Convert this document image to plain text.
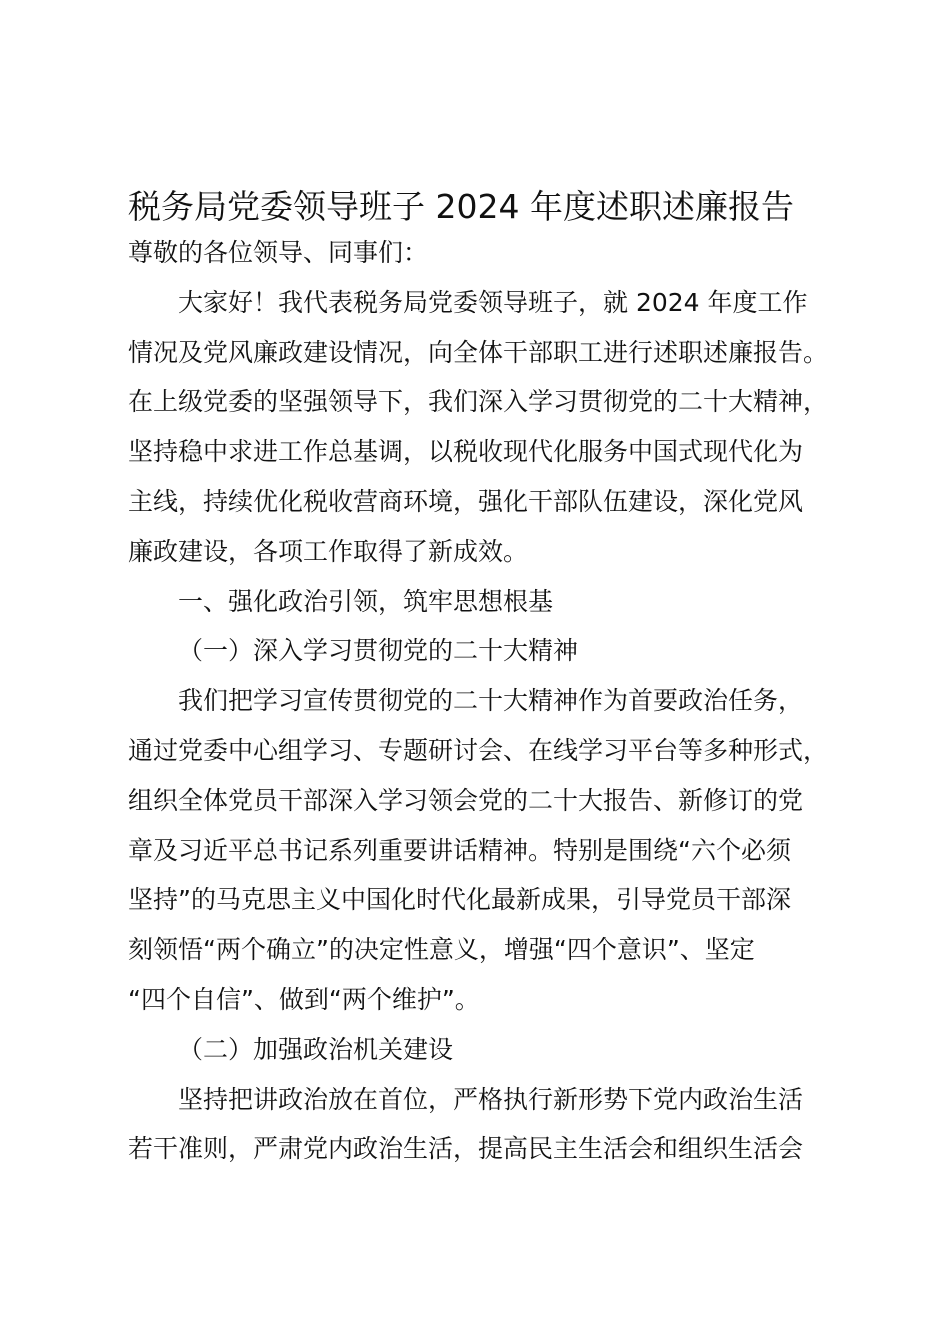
税务局党委领导班子 2024 年度述职述廉报告
尊敬的各位领导、同事们：
大家好！我代表税务局党委领导班子，就 2024 年度工作
情况及党风廉政建设情况，向全体干部职工进行述职述廉报告。
在上级党委的坚强领导下，我们深入学习贯彻党的二十大精神，
坚持稳中求进工作总基调，以税收现代化服务中国式现代化为
主线，持续优化税收营商环境，强化干部队伍建设，深化党风
廉政建设，各项工作取得了新成效。
一、强化政治引领，筑牢思想根基
（一）深入学习贯彻党的二十大精神
我们把学习宣传贯彻党的二十大精神作为首要政治任务，
通过党委中心组学习、专题研讨会、在线学习平台等多种形式，
组织全体党员干部深入学习领会党的二十大报告、新修订的党
章及习近平总书记系列重要讲话精神。特别是围绕“六个必须
坚持”的马克思主义中国化时代化最新成果，引导党员干部深
刻领悟“两个确立”的决定性意义，增强“四个意识”、坚定
“四个自信”、做到“两个维护”。
（二）加强政治机关建设
坚持把讲政治放在首位，严格执行新形势下党内政治生活
若干准则，严肃党内政治生活，提高民主生活会和组织生活会
